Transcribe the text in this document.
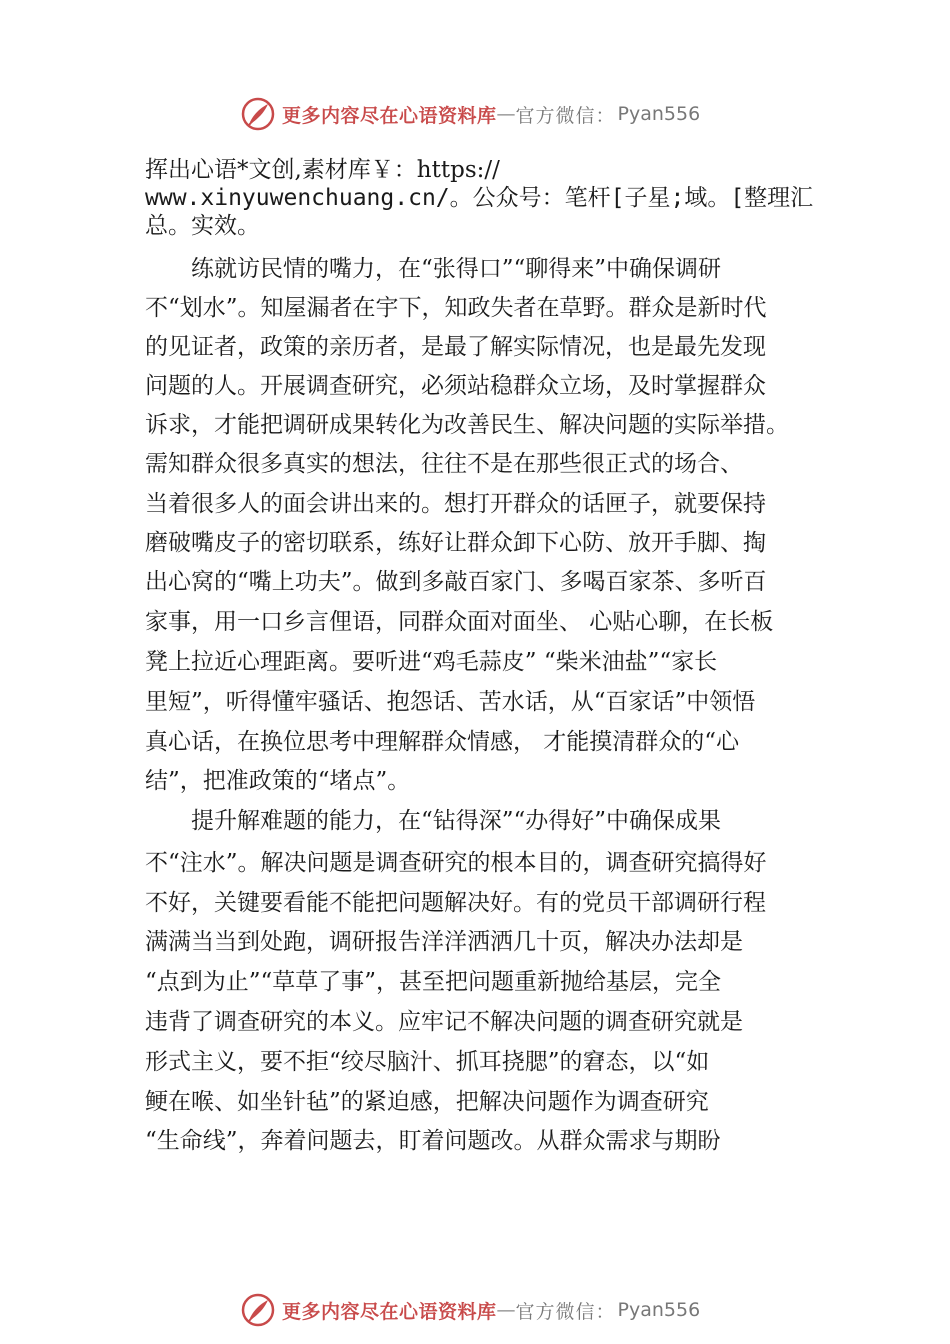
更多内容尽在心语资料库 — 官方微信： Pyan556
挥出心语*文创,素材库￥：https://
www.xinyuwenchuang.cn/。公众号：笔杆[子星;域。[整理汇
总。实效。
　　练就访民情的嘴力，在“张得口”“聊得来”中确保调研
不“划水”。知屋漏者在宇下，知政失者在草野。群众是新时代
的见证者，政策的亲历者，是最了解实际情况，也是最先发现
问题的人。开展调查研究，必须站稳群众立场，及时掌握群众
诉求，才能把调研成果转化为改善民生、解决问题的实际举措。
需知群众很多真实的想法，往往不是在那些很正式的场合、
当着很多人的面会讲出来的。想打开群众的话匣子，就要保持
磨破嘴皮子的密切联系，练好让群众卸下心防、放开手脚、掏
出心窝的“嘴上功夫”。做到多敲百家门、多喝百家茶、多听百
家事，用一口乡言俚语，同群众面对面坐、 心贴心聊，在长板
凳上拉近心理距离。要听进“鸡毛蒜皮” “柴米油盐”“家长
里短”，听得懂牢骚话、抱怨话、苦水话，从“百家话”中领悟
真心话，在换位思考中理解群众情感， 才能摸清群众的“心
结”，把准政策的“堵点”。
　　提升解难题的能力，在“钻得深”“办得好”中确保成果
不“注水”。解决问题是调查研究的根本目的，调查研究搞得好
不好，关键要看能不能把问题解决好。有的党员干部调研行程
满满当当到处跑，调研报告洋洋洒洒几十页，解决办法却是
“点到为止”“草草了事”，甚至把问题重新抛给基层，完全
违背了调查研究的本义。应牢记不解决问题的调查研究就是
形式主义，要不拒“绞尽脑汁、抓耳挠腮”的窘态，以“如
鲠在喉、如坐针毡”的紧迫感，把解决问题作为调查研究
“生命线”，奔着问题去，盯着问题改。从群众需求与期盼
更多内容尽在心语资料库 — 官方微信： Pyan556
